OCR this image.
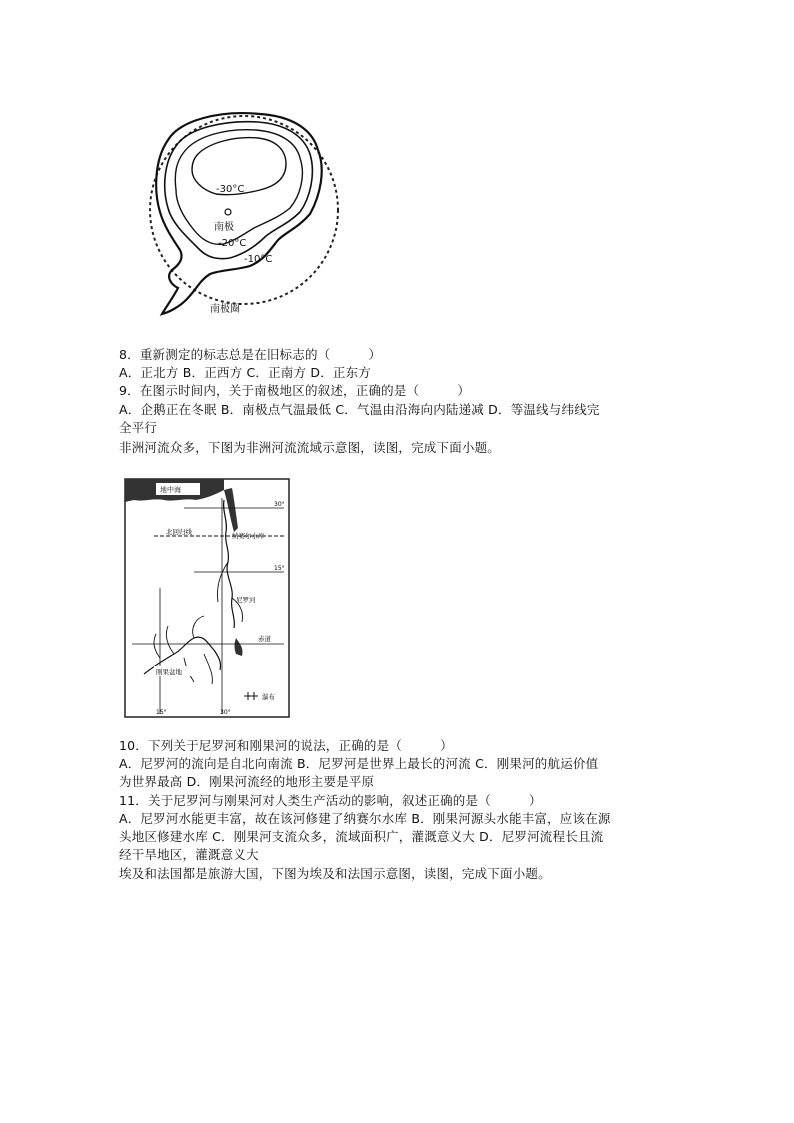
-30°C
南极
-20°C
-10°C
南极圈
8．重新测定的标志总是在旧标志的（　　　）
A．正北方 B．正西方 C．正南方 D．正东方
9．在图示时间内，关于南极地区的叙述，正确的是（　　　）
A．企鹅正在冬眠 B．南极点气温最低 C．气温由沿海向内陆递减 D．等温线与纬线完
全平行
非洲河流众多，下图为非洲河流流域示意图，读图，完成下面小题。
地中海
30°
北回归线
15°
赤道
15°	30°
纳赛尔水库
尼罗河
刚果盆地
瀑布
10．下列关于尼罗河和刚果河的说法，正确的是（　　　）
A．尼罗河的流向是自北向南流 B．尼罗河是世界上最长的河流 C．刚果河的航运价值
为世界最高 D．刚果河流经的地形主要是平原
11．关于尼罗河与刚果河对人类生产活动的影响，叙述正确的是（　　　）
A．尼罗河水能更丰富，故在该河修建了纳赛尔水库 B．刚果河源头水能丰富，应该在源
头地区修建水库 C．刚果河支流众多，流域面积广，灌溉意义大 D．尼罗河流程长且流
经干旱地区，灌溉意义大
埃及和法国都是旅游大国，下图为埃及和法国示意图，读图，完成下面小题。
